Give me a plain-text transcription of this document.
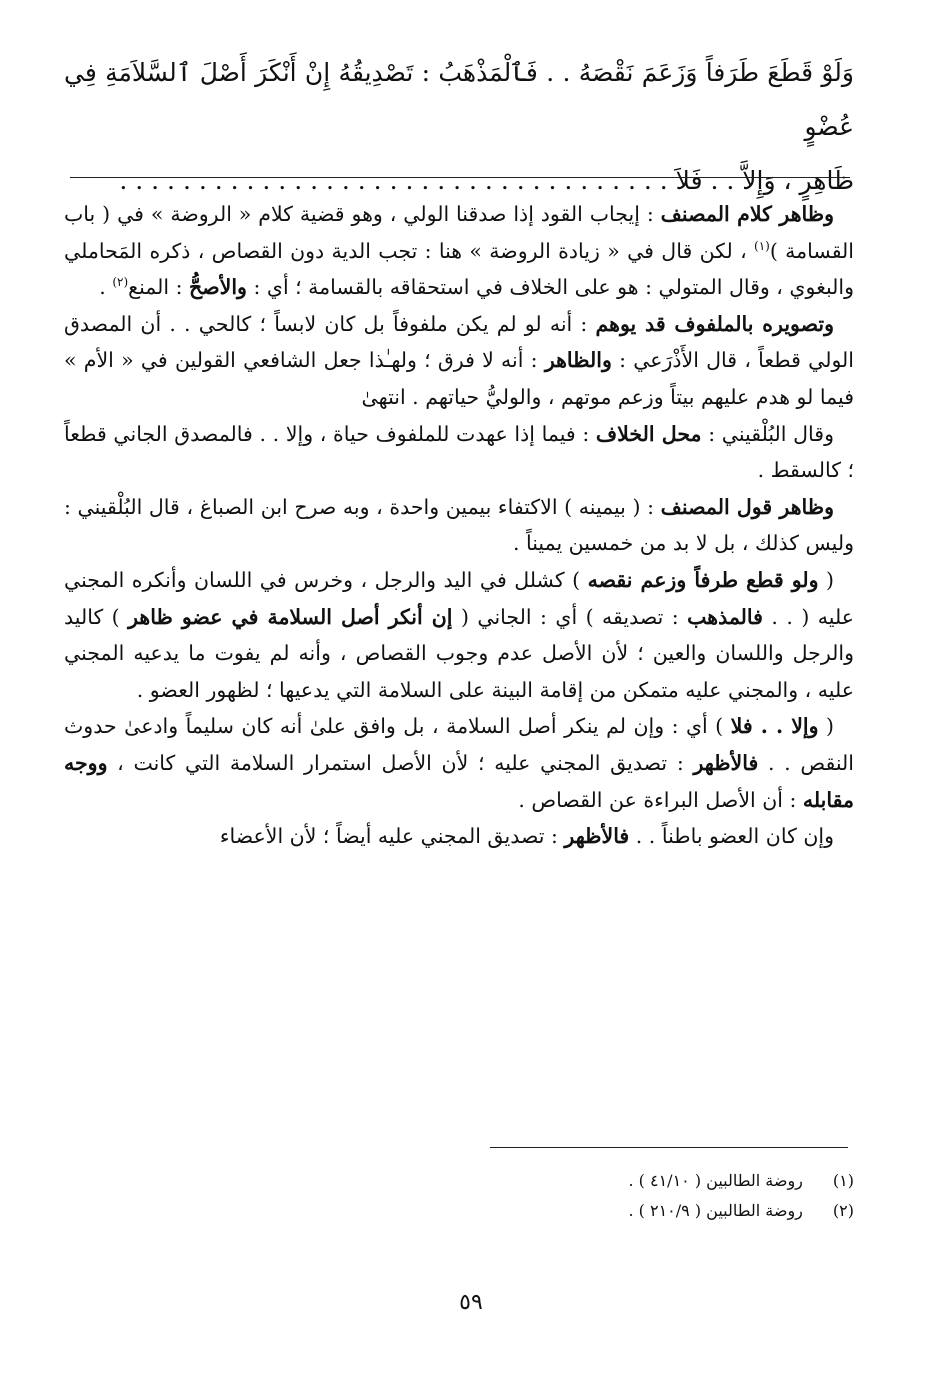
وَلَوْ قَطَعَ طَرَفاً وَزَعَمَ نَقْصَهُ . . فَٱلْمَذْهَبُ : تَصْدِيقُهُ إِنْ أَنْكَرَ أَصْلَ ٱلسَّلاَمَةِ فِي عُضْوٍ
ظَاهِرٍ ، وَإِلاَّ . . فَلاَ . . . . . . . . . . . . . . . . . . . . . . . . . . . . . . . . . . .

وظاهر كلام المصنف : إيجاب القود إذا صدقنا الولي ، وهو قضية كلام « الروضة » في ( باب القسامة )$^{(١)}$ ، لكن قال في « زيادة الروضة » هنا : تجب الدية دون القصاص ، ذكره المَحاملي والبغوي ، وقال المتولي : هو على الخلاف في استحقاقه بالقسامة ؛ أي : والأصحُّ : المنع$^{(٢)}$ .

وتصويره بالملفوف قد يوهم : أنه لو لم يكن ملفوفاً بل كان لابساً ؛ كالحي . . أن المصدق الولي قطعاً ، قال الأَذْرَعي : والظاهر : أنه لا فرق ؛ ولهـٰذا جعل الشافعي القولين في « الأم » فيما لو هدم عليهم بيتاً وزعم موتهم ، والوليُّ حياتهم . انتهىٰ

وقال البُلْقيني : محل الخلاف : فيما إذا عهدت للملفوف حياة ، وإلا . . فالمصدق الجاني قطعاً ؛ كالسقط .

وظاهر قول المصنف : ( بيمينه ) الاكتفاء بيمين واحدة ، وبه صرح ابن الصباغ ، قال البُلْقيني : وليس كذلك ، بل لا بد من خمسين يميناً .

( ولو قطع طرفاً وزعم نقصه ) كشلل في اليد والرجل ، وخرس في اللسان وأنكره المجني عليه ( . . فالمذهب : تصديقه ) أي : الجاني ( إن أنكر أصل السلامة في عضو ظاهر ) كاليد والرجل واللسان والعين ؛ لأن الأصل عدم وجوب القصاص ، وأنه لم يفوت ما يدعيه المجني عليه ، والمجني عليه متمكن من إقامة البينة على السلامة التي يدعيها ؛ لظهور العضو .

( وإلا . . فلا ) أي : وإن لم ينكر أصل السلامة ، بل وافق علىٰ أنه كان سليماً وادعىٰ حدوث النقص . . فالأظهر : تصديق المجني عليه ؛ لأن الأصل استمرار السلامة التي كانت ، ووجه مقابله : أن الأصل البراءة عن القصاص .

وإن كان العضو باطناً . . فالأظهر : تصديق المجني عليه أيضاً ؛ لأن الأعضاء

(١) روضة الطالبين ( ٤١/١٠ ) .
(٢) روضة الطالبين ( ٢١٠/٩ ) .
٥٩
